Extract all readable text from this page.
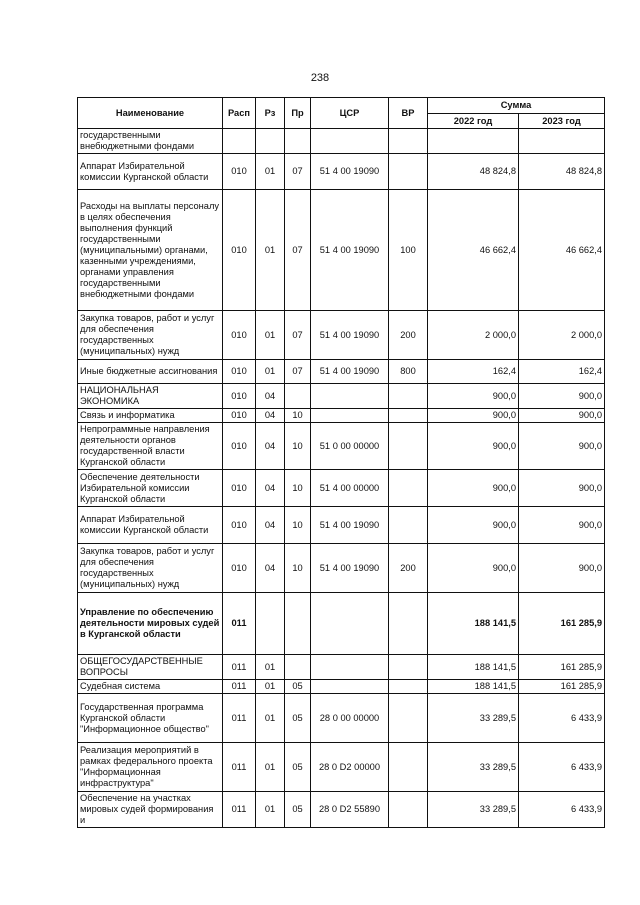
238
Наименование	Расп	Рз	Пр	ЦСР	ВР	Сумма	
						2022 год	2023 год
государственными внебюджетными фондами							
Аппарат Избирательной комиссии Курганской области	010	01	07	51 4 00 19090		48 824,8	48 824,8
Расходы на выплаты персоналу в целях обеспечения выполнения функций государственными (муниципальными) органами, казенными учреждениями, органами управления государственными внебюджетными фондами	010	01	07	51 4 00 19090	100	46 662,4	46 662,4
Закупка товаров, работ и услуг для обеспечения государственных (муниципальных) нужд	010	01	07	51 4 00 19090	200	2 000,0	2 000,0
Иные бюджетные ассигнования	010	01	07	51 4 00 19090	800	162,4	162,4
НАЦИОНАЛЬНАЯ ЭКОНОМИКА	010	04				900,0	900,0
Связь и информатика	010	04	10			900,0	900,0
Непрограммные направления деятельности органов государственной власти Курганской области	010	04	10	51 0 00 00000		900,0	900,0
Обеспечение деятельности Избирательной комиссии Курганской области	010	04	10	51 4 00 00000		900,0	900,0
Аппарат Избирательной комиссии Курганской области	010	04	10	51 4 00 19090		900,0	900,0
Закупка товаров, работ и услуг для обеспечения государственных (муниципальных) нужд	010	04	10	51 4 00 19090	200	900,0	900,0
Управление по обеспечению деятельности мировых судей в Курганской области	011					188 141,5	161 285,9
ОБЩЕГОСУДАРСТВЕННЫЕ ВОПРОСЫ	011	01				188 141,5	161 285,9
Судебная система	011	01	05			188 141,5	161 285,9
Государственная программа Курганской области "Информационное общество"	011	01	05	28 0 00 00000		33 289,5	6 433,9
Реализация мероприятий в рамках федерального проекта "Информационная инфраструктура"	011	01	05	28 0 D2 00000		33 289,5	6 433,9
Обеспечение на участках мировых судей формирования и	011	01	05	28 0 D2 55890		33 289,5	6 433,9
